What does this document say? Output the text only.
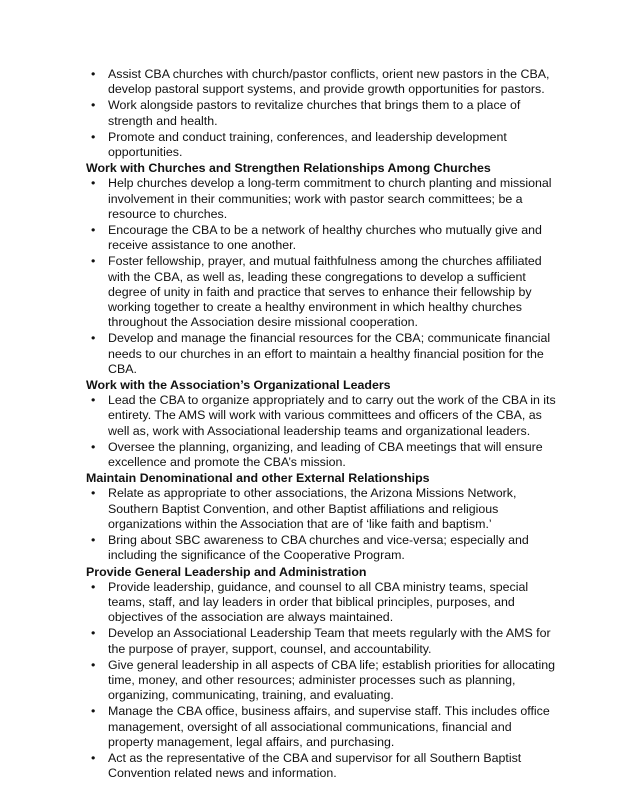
• Assist CBA churches with church/pastor conflicts, orient new pastors in the CBA, develop pastoral support systems, and provide growth opportunities for pastors.
• Work alongside pastors to revitalize churches that brings them to a place of strength and health.
• Promote and conduct training, conferences, and leadership development opportunities.
Work with Churches and Strengthen Relationships Among Churches
• Help churches develop a long-term commitment to church planting and missional involvement in their communities; work with pastor search committees; be a resource to churches.
• Encourage the CBA to be a network of healthy churches who mutually give and receive assistance to one another.
• Foster fellowship, prayer, and mutual faithfulness among the churches affiliated with the CBA, as well as, leading these congregations to develop a sufficient degree of unity in faith and practice that serves to enhance their fellowship by working together to create a healthy environment in which healthy churches throughout the Association desire missional cooperation.
• Develop and manage the financial resources for the CBA; communicate financial needs to our churches in an effort to maintain a healthy financial position for the CBA.
Work with the Association’s Organizational Leaders
• Lead the CBA to organize appropriately and to carry out the work of the CBA in its entirety. The AMS will work with various committees and officers of the CBA, as well as, work with Associational leadership teams and organizational leaders.
• Oversee the planning, organizing, and leading of CBA meetings that will ensure excellence and promote the CBA’s mission.
Maintain Denominational and other External Relationships
• Relate as appropriate to other associations, the Arizona Missions Network, Southern Baptist Convention, and other Baptist affiliations and religious organizations within the Association that are of ‘like faith and baptism.’
• Bring about SBC awareness to CBA churches and vice-versa; especially and including the significance of the Cooperative Program.
Provide General Leadership and Administration
• Provide leadership, guidance, and counsel to all CBA ministry teams, special teams, staff, and lay leaders in order that biblical principles, purposes, and objectives of the association are always maintained.
• Develop an Associational Leadership Team that meets regularly with the AMS for the purpose of prayer, support, counsel, and accountability.
• Give general leadership in all aspects of CBA life; establish priorities for allocating time, money, and other resources; administer processes such as planning, organizing, communicating, training, and evaluating.
• Manage the CBA office, business affairs, and supervise staff. This includes office management, oversight of all associational communications, financial and property management, legal affairs, and purchasing.
• Act as the representative of the CBA and supervisor for all Southern Baptist Convention related news and information.
